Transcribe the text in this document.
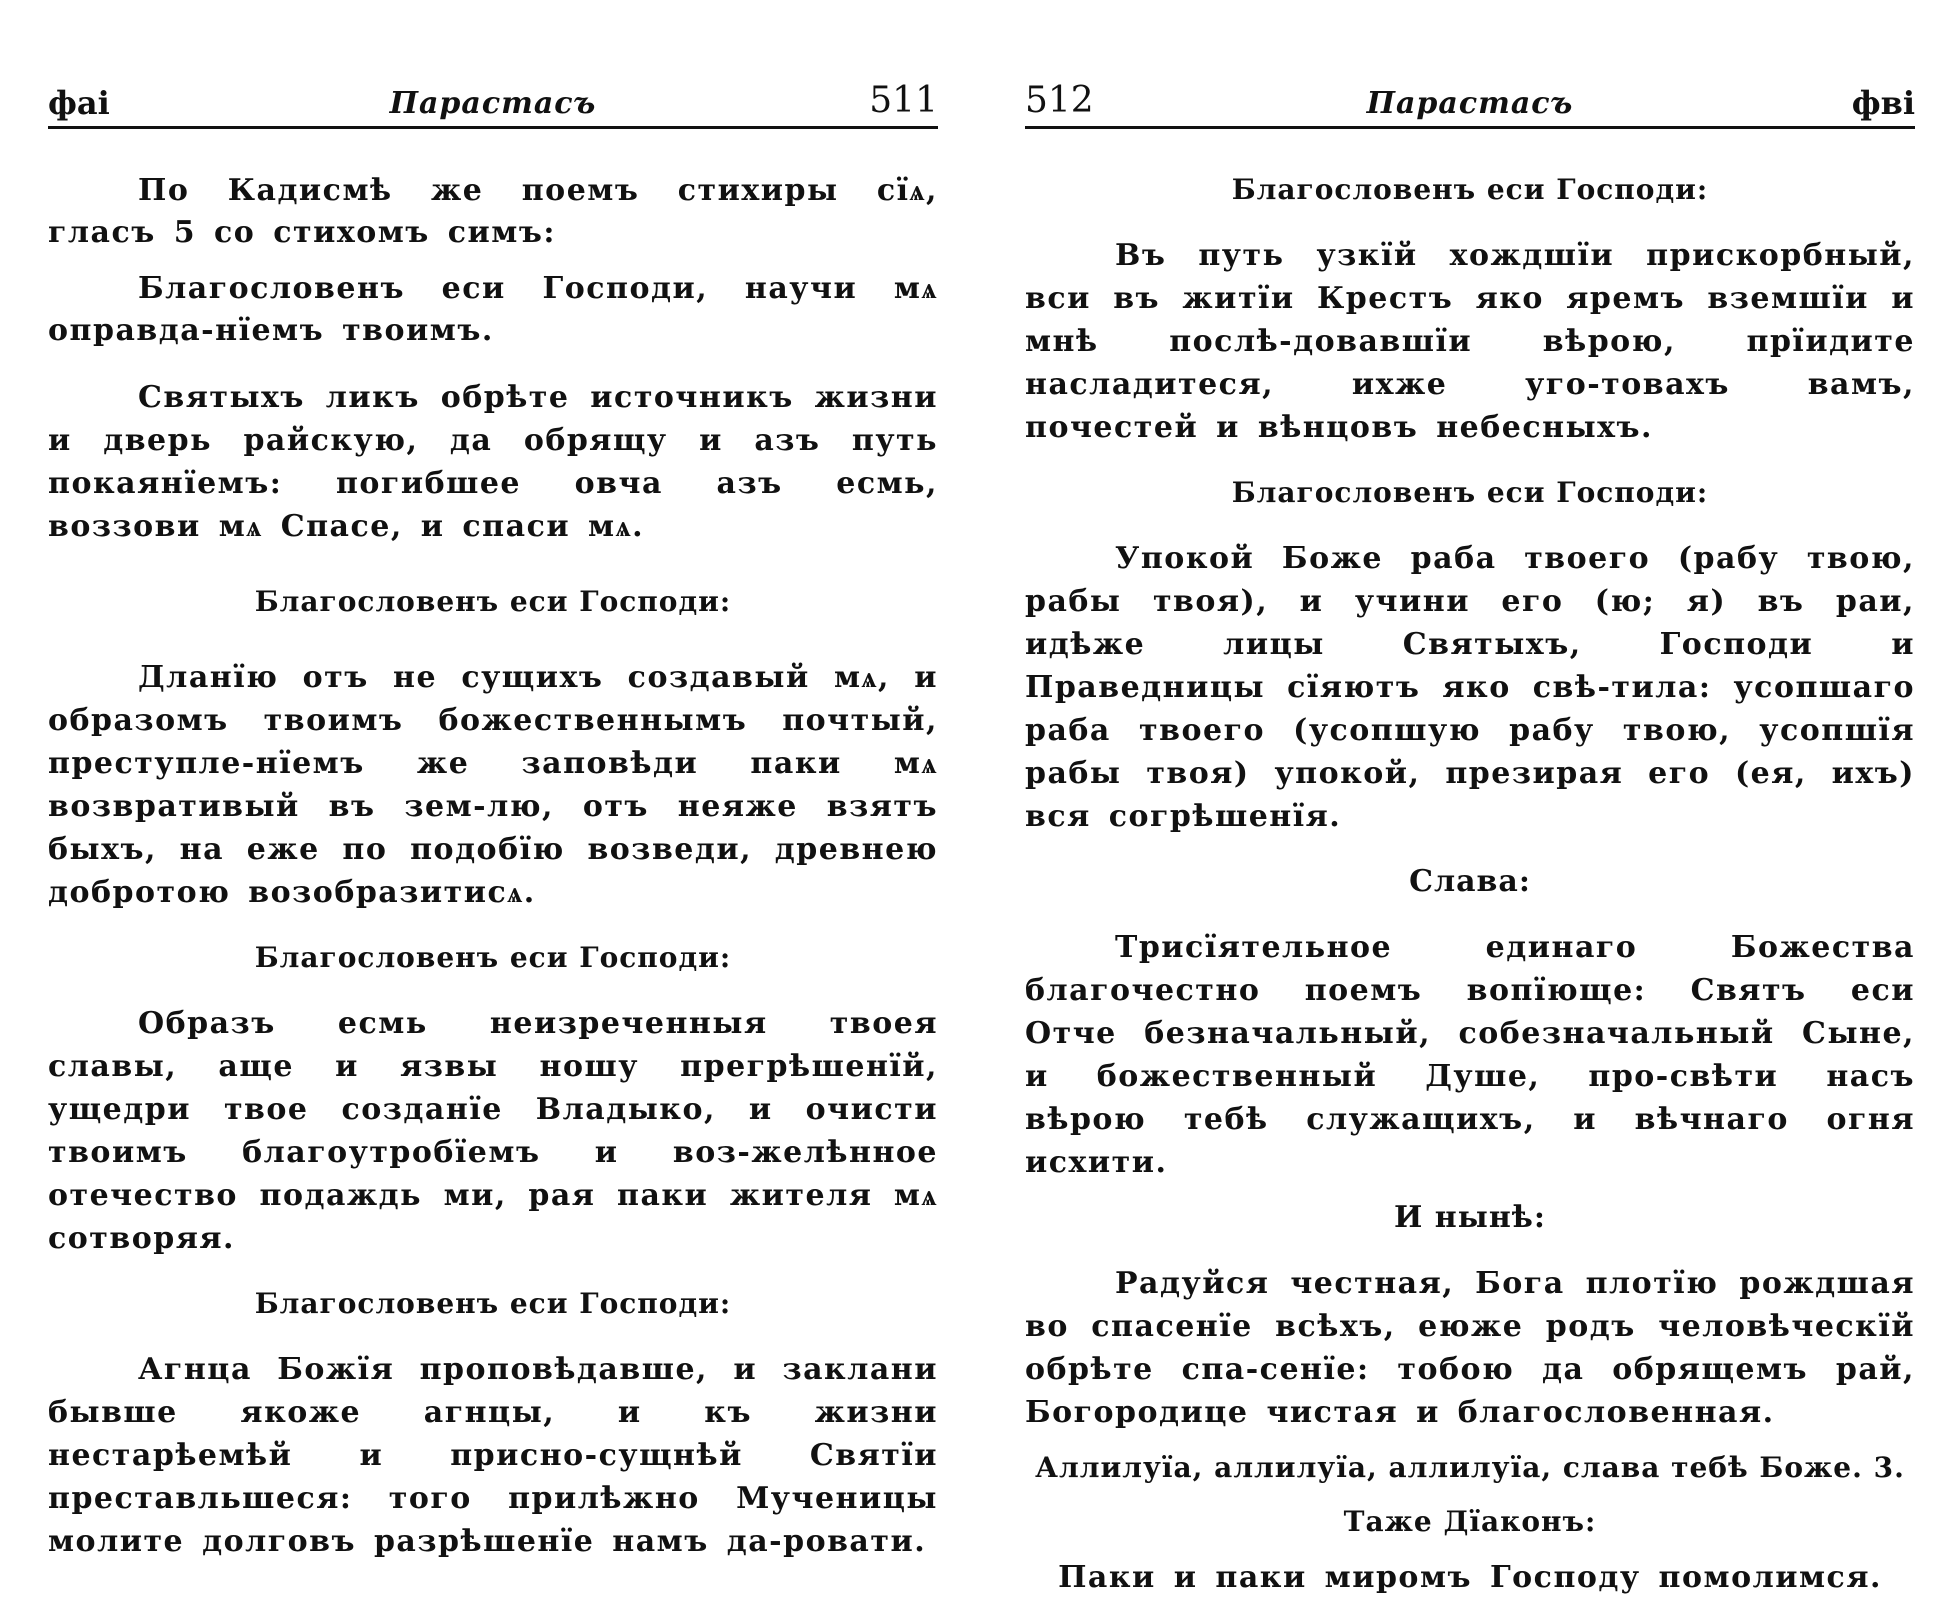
фаі	Парастасъ	511

По Кадисмѣ же поемъ стихиры сїѧ, гласъ 5 со стихомъ симъ:

Благословенъ еси Господи, научи мѧ оправда-нїемъ твоимъ.

Святыхъ ликъ обрѣте источникъ жизни и дверь райскую, да обрящу и азъ путь покаянїемъ: погибшее овча азъ есмь, воззови мѧ Спасе, и спаси мѧ.

Благословенъ еси Господи:

Дланїю отъ не сущихъ создавый мѧ, и образомъ твоимъ божественнымъ почтый, преступле-нїемъ же заповѣди паки мѧ возвративый въ зем-лю, отъ неяже взятъ быхъ, на еже по подобїю возведи, древнею добротою возобразитисѧ.

Благословенъ еси Господи:

Образъ есмь неизреченныя твоея славы, аще и язвы ношу прегрѣшенїй, ущедри твое созданїе Владыко, и очисти твоимъ благоутробїемъ и воз-желѣнное отечество подаждь ми, рая паки жителя мѧ сотворяя.

Благословенъ еси Господи:

Агнца Божїя проповѣдавше, и заклани бывше якоже агнцы, и къ жизни нестарѣемѣй и присно-сущнѣй Святїи преставльшеся: того прилѣжно Мученицы молите долговъ разрѣшенїе намъ да-ровати.

512	Парастасъ	фві

Благословенъ еси Господи:

Въ путь узкїй хождшїи прискорбный, вси въ житїи Крестъ яко яремъ вземшїи и мнѣ послѣ-довавшїи вѣрою, прїидите насладитеся, ихже уго-товахъ вамъ, почестей и вѣнцовъ небесныхъ.

Благословенъ еси Господи:

Упокой Боже раба твоего (рабу твою, рабы твоя), и учини его (ю; я) въ раи, идѣже лицы Святыхъ, Господи и Праведницы сїяютъ яко свѣ-тила: усопшаго раба твоего (усопшую рабу твою, усопшїя рабы твоя) упокой, презирая его (ея, ихъ) вся согрѣшенїя.

Слава:

Трисїятельное единаго Божества благочестно поемъ вопїюще: Святъ еси Отче безначальный, собезначальный Сыне, и божественный Душе, про-свѣти насъ вѣрою тебѣ служащихъ, и вѣчнаго огня исхити.

И нынѣ:

Радуйся честная, Бога плотїю рождшая во спасенїе всѣхъ, еюже родъ человѣческїй обрѣте спа-сенїе: тобою да обрящемъ рай, Богородице чистая и благословенная.

Аллилуїа, аллилуїа, аллилуїа, слава тебѣ Боже. 3.

Таже Дїаконъ:

Паки и паки миромъ Господу помолимся.
